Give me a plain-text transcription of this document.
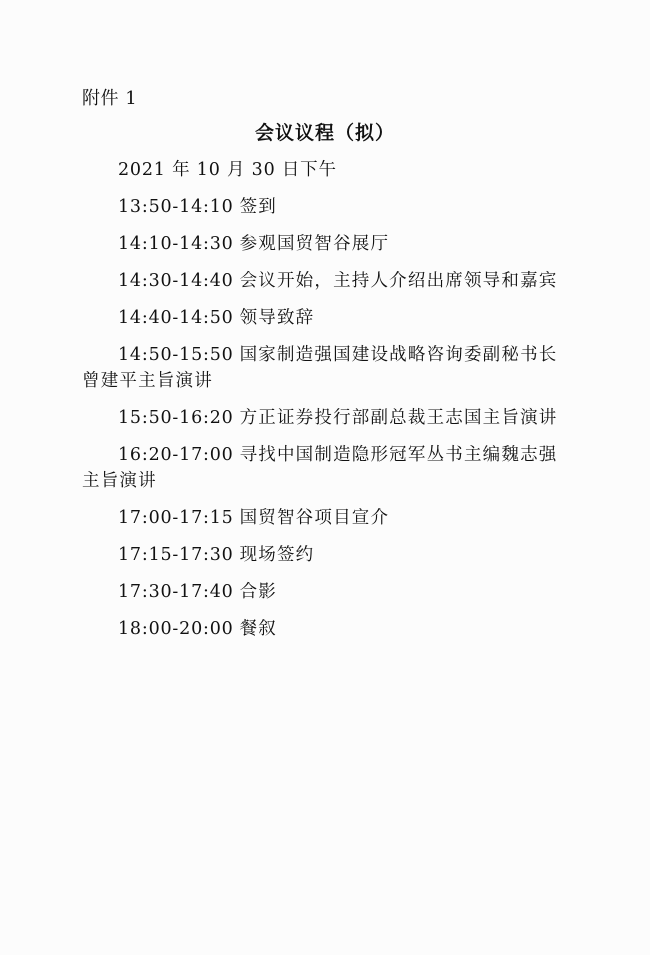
附件 1
会议议程（拟）
2021 年 10 月 30 日下午
13:50-14:10 签到
14:10-14:30 参观国贸智谷展厅
14:30-14:40 会议开始，主持人介绍出席领导和嘉宾
14:40-14:50 领导致辞
14:50-15:50 国家制造强国建设战略咨询委副秘书长曾建平主旨演讲
15:50-16:20 方正证券投行部副总裁王志国主旨演讲
16:20-17:00 寻找中国制造隐形冠军丛书主编魏志强主旨演讲
17:00-17:15 国贸智谷项目宣介
17:15-17:30 现场签约
17:30-17:40 合影
18:00-20:00 餐叙
